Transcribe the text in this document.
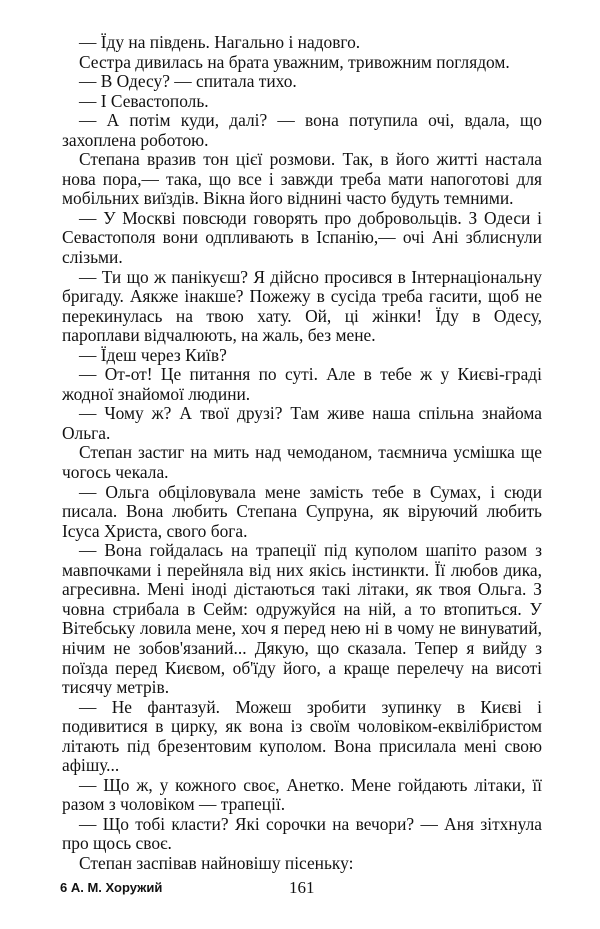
— Їду на південь. Нагально і надовго.

Сестра дивилась на брата уважним, тривожним поглядом.

— В Одесу? — спитала тихо.

— І Севастополь.

— А потім куди, далі? — вона потупила очі, вдала, що захоплена роботою.

Степана вразив тон цієї розмови. Так, в його житті настала нова пора,— така, що все і завжди треба мати напоготові для мобільних виїздів. Вікна його віднині часто будуть темними.

— У Москві повсюди говорять про добровольців. З Одеси і Севастополя вони одпливають в Іспанію,— очі Ані зблиснули слізьми.

— Ти що ж панікуєш? Я дійсно просився в Інтернаціональну бригаду. Аякже інакше? Пожежу в сусіда треба гасити, щоб не перекинулась на твою хату. Ой, ці жінки! Їду в Одесу, пароплави відчалюють, на жаль, без мене.

— Їдеш через Київ?

— От-от! Це питання по суті. Але в тебе ж у Києві-граді жодної знайомої людини.

— Чому ж? А твої друзі? Там живе наша спільна знайома Ольга.

Степан застиг на мить над чемоданом, таємнича усмішка ще чогось чекала.

— Ольга обціловувала мене замість тебе в Сумах, і сюди писала. Вона любить Степана Супруна, як віруючий любить Ісуса Христа, свого бога.

— Вона гойдалась на трапеції під куполом шапіто разом з мавпочками і перейняла від них якісь інстинкти. Її любов дика, агресивна. Мені іноді дістаються такі літаки, як твоя Ольга. З човна стрибала в Сейм: одружуйся на ній, а то втопиться. У Вітебську ловила мене, хоч я перед нею ні в чому не винуватий, нічим не зобов'язаний... Дякую, що сказала. Тепер я вийду з поїзда перед Києвом, об'їду його, а краще перелечу на висоті тисячу метрів.

— Не фантазуй. Можеш зробити зупинку в Києві і подивитися в цирку, як вона із своїм чоловіком-еквілібристом літають під брезентовим куполом. Вона присилала мені свою афішу...

— Що ж, у кожного своє, Анетко. Мене гойдають літаки, її разом з чоловіком — трапеції.

— Що тобі класти? Які сорочки на вечори? — Аня зітхнула про щось своє.

Степан заспівав найновішу пісеньку:

6 А. М. Хоружий	161
